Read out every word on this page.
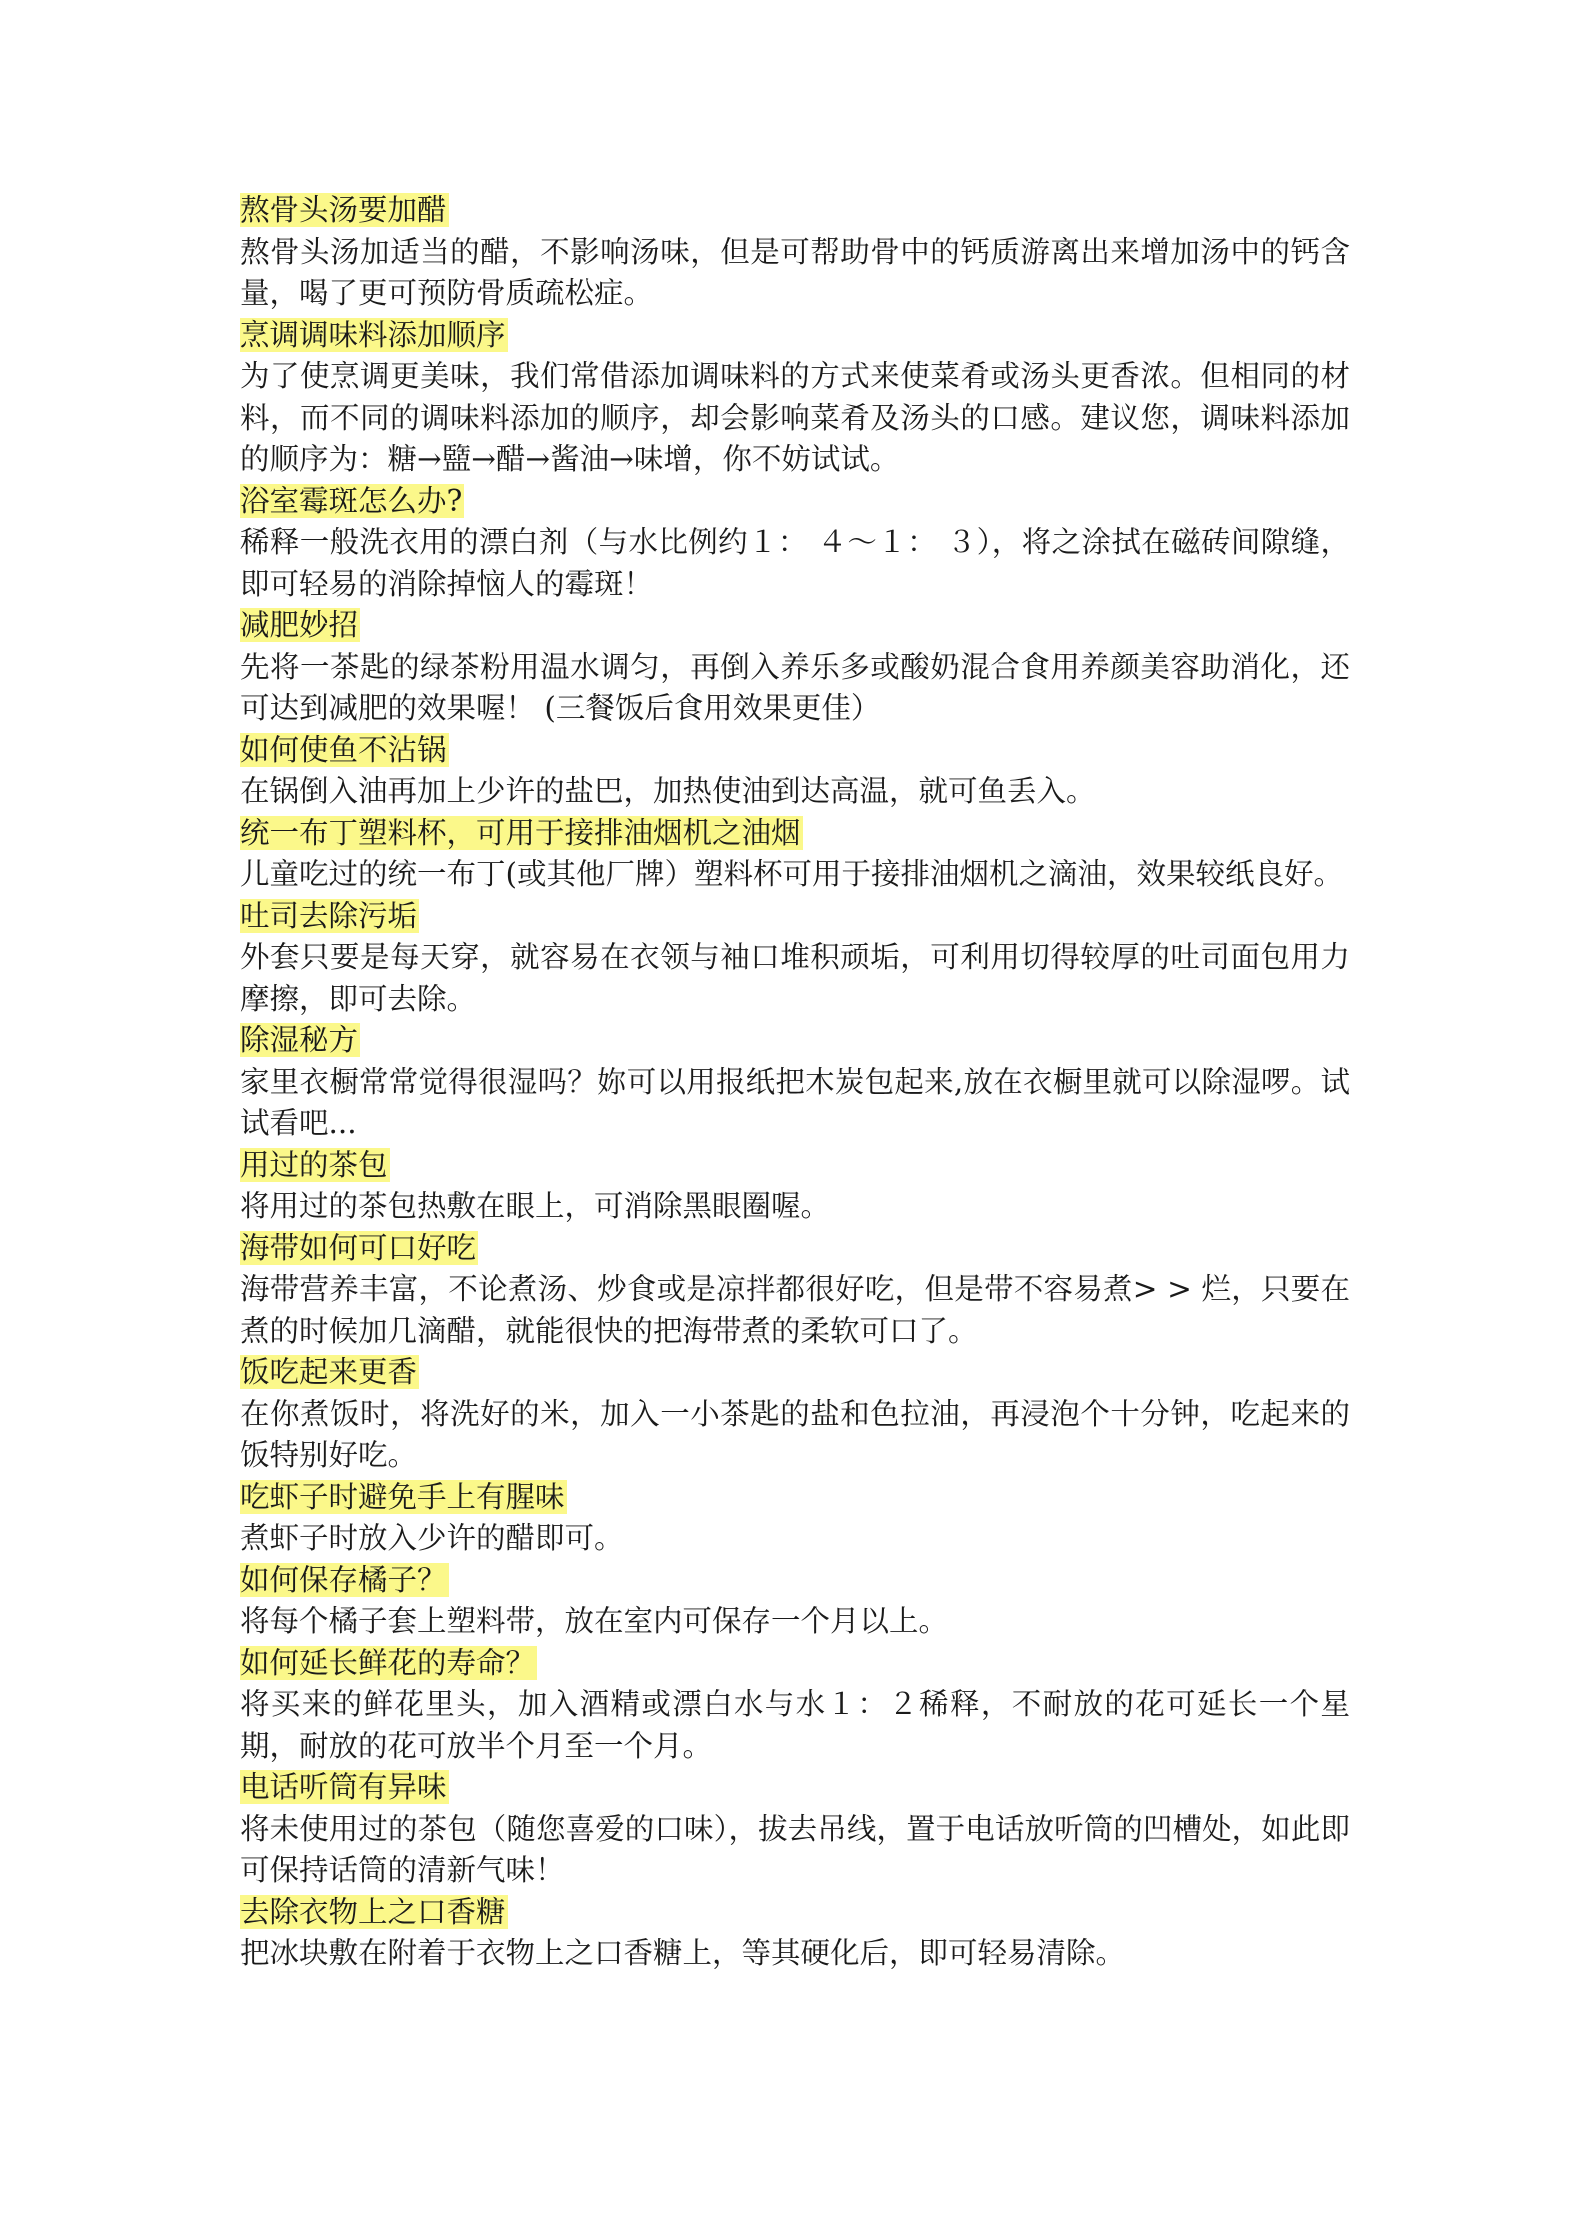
熬骨头汤要加醋

熬骨头汤加适当的醋，不影响汤味，但是可帮助骨中的钙质游离出来增加汤中的钙含量，喝了更可预防骨质疏松症。

烹调调味料添加顺序

为了使烹调更美味，我们常借添加调味料的方式来使菜肴或汤头更香浓。但相同的材料，而不同的调味料添加的顺序，却会影响菜肴及汤头的口感。建议您，调味料添加的顺序为：糖→盬→醋→酱油→味增，你不妨试试。

浴室霉斑怎么办?

稀释一般洗衣用的漂白剂（与水比例约１： ４～１： ３），将之涂拭在磁砖间隙缝，即可轻易的消除掉恼人的霉斑！

减肥妙招

先将一茶匙的绿茶粉用温水调匀，再倒入养乐多或酸奶混合食用养颜美容助消化，还可达到减肥的效果喔！ (三餐饭后食用效果更佳）

如何使鱼不沾锅

在锅倒入油再加上少许的盐巴，加热使油到达高温，就可鱼丢入。

统一布丁塑料杯，可用于接排油烟机之油烟

儿童吃过的统一布丁(或其他厂牌）塑料杯可用于接排油烟机之滴油，效果较纸良好。

吐司去除污垢

外套只要是每天穿，就容易在衣领与袖口堆积顽垢，可利用切得较厚的吐司面包用力摩擦，即可去除。

除湿秘方

家里衣橱常常觉得很湿吗？妳可以用报纸把木炭包起来,放在衣橱里就可以除湿啰。试试看吧...

用过的茶包

将用过的茶包热敷在眼上，可消除黑眼圈喔。

海带如何可口好吃

海带营养丰富，不论煮汤、炒食或是凉拌都很好吃，但是带不容易煮> > 烂，只要在煮的时候加几滴醋，就能很快的把海带煮的柔软可口了。

饭吃起来更香

在你煮饭时，将洗好的米，加入一小茶匙的盐和色拉油，再浸泡个十分钟，吃起来的饭特别好吃。

吃虾子时避免手上有腥味

煮虾子时放入少许的醋即可。

如何保存橘子？

将每个橘子套上塑料带，放在室内可保存一个月以上。

如何延长鲜花的寿命？

将买来的鲜花里头，加入酒精或漂白水与水１：２稀释，不耐放的花可延长一个星期，耐放的花可放半个月至一个月。

电话听筒有异味

将未使用过的茶包（随您喜爱的口味），拔去吊线，置于电话放听筒的凹槽处，如此即可保持话筒的清新气味！

去除衣物上之口香糖

把冰块敷在附着于衣物上之口香糖上，等其硬化后，即可轻易清除。
